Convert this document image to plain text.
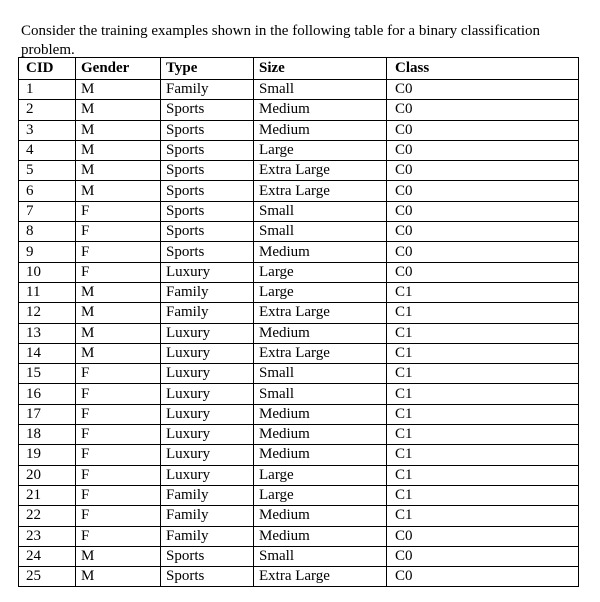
Consider the training examples shown in the following table for a binary classification problem.

CID	Gender	Type	Size	Class
1	M	Family	Small	C0
2	M	Sports	Medium	C0
3	M	Sports	Medium	C0
4	M	Sports	Large	C0
5	M	Sports	Extra Large	C0
6	M	Sports	Extra Large	C0
7	F	Sports	Small	C0
8	F	Sports	Small	C0
9	F	Sports	Medium	C0
10	F	Luxury	Large	C0
11	M	Family	Large	C1
12	M	Family	Extra Large	C1
13	M	Luxury	Medium	C1
14	M	Luxury	Extra Large	C1
15	F	Luxury	Small	C1
16	F	Luxury	Small	C1
17	F	Luxury	Medium	C1
18	F	Luxury	Medium	C1
19	F	Luxury	Medium	C1
20	F	Luxury	Large	C1
21	F	Family	Large	C1
22	F	Family	Medium	C1
23	F	Family	Medium	C0
24	M	Sports	Small	C0
25	M	Sports	Extra Large	C0
